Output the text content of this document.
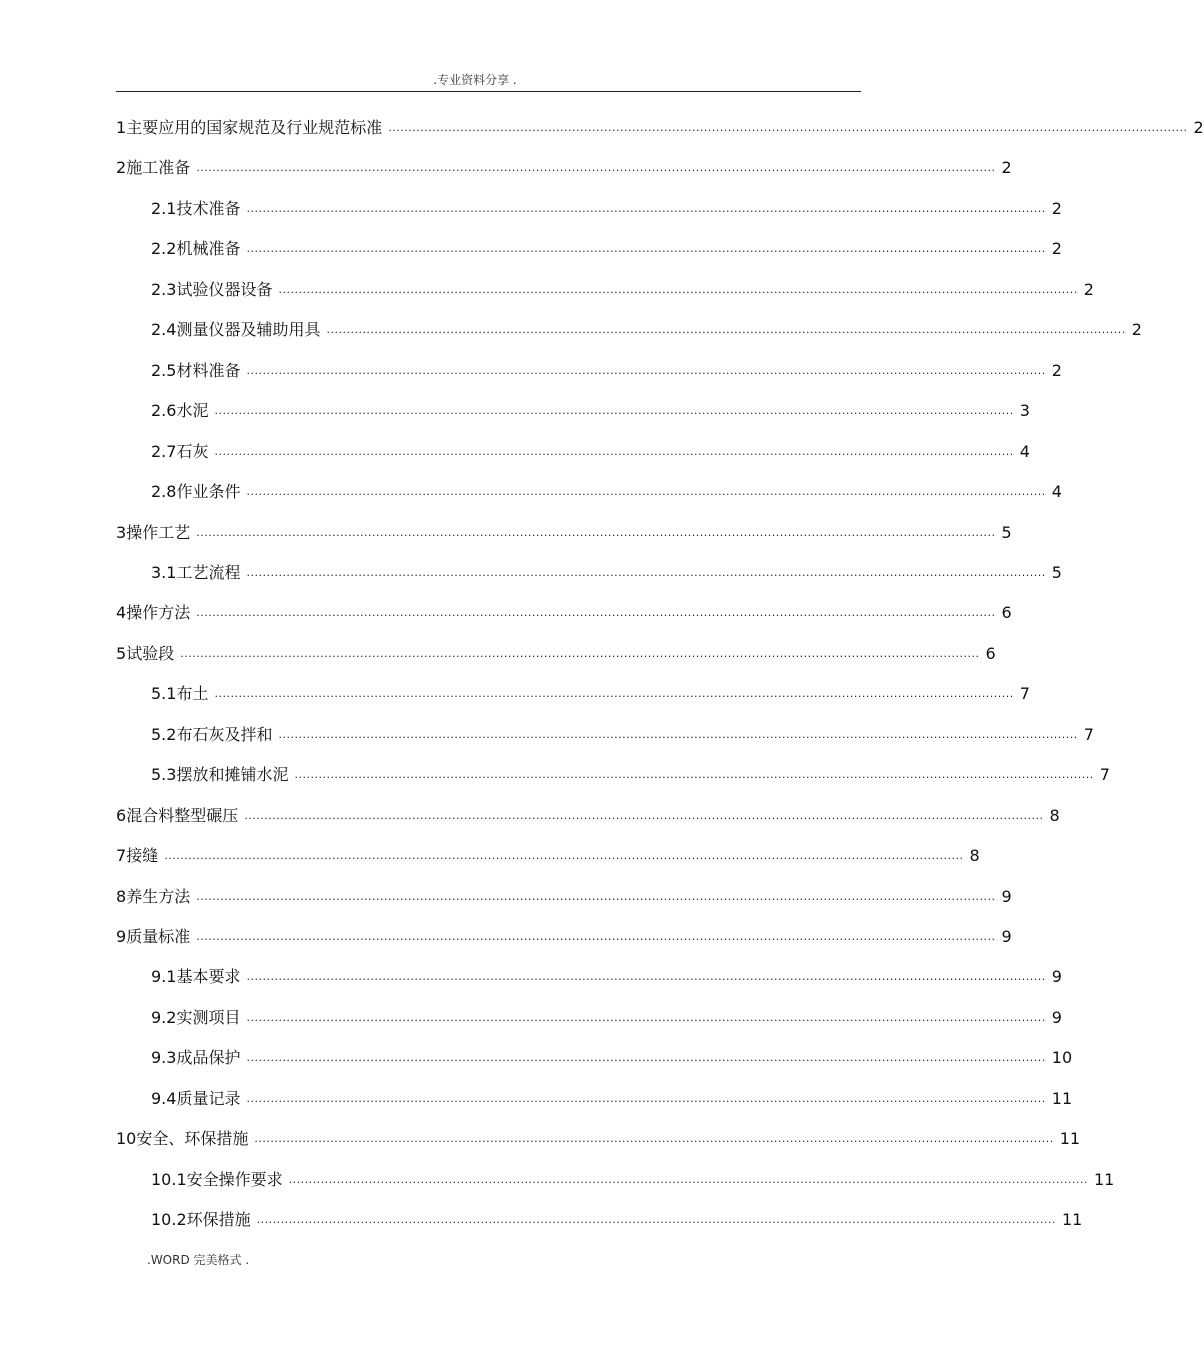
.专业资料分享 .
1 主要应用的国家规范及行业规范标准 ........................................................................................................................................................................................................ 2
2 施工准备 ........................................................................................................................................................................................................ 2
2.1 技术准备 ........................................................................................................................................................................................................ 2
2.2 机械准备 ........................................................................................................................................................................................................ 2
2.3 试验仪器设备 ........................................................................................................................................................................................................ 2
2.4 测量仪器及辅助用具 ........................................................................................................................................................................................................ 2
2.5 材料准备 ........................................................................................................................................................................................................ 2
2.6 水泥 ........................................................................................................................................................................................................ 3
2.7 石灰 ........................................................................................................................................................................................................ 4
2.8 作业条件 ........................................................................................................................................................................................................ 4
3 操作工艺 ........................................................................................................................................................................................................ 5
3.1 工艺流程 ........................................................................................................................................................................................................ 5
4 操作方法 ........................................................................................................................................................................................................ 6
5 试验段 ........................................................................................................................................................................................................ 6
5.1 布土 ........................................................................................................................................................................................................ 7
5.2 布石灰及拌和 ........................................................................................................................................................................................................ 7
5.3 摆放和摊铺水泥 ........................................................................................................................................................................................................ 7
6 混合料整型碾压 ........................................................................................................................................................................................................ 8
7 接缝 ........................................................................................................................................................................................................ 8
8 养生方法 ........................................................................................................................................................................................................ 9
9 质量标准 ........................................................................................................................................................................................................ 9
9.1 基本要求 ........................................................................................................................................................................................................ 9
9.2 实测项目 ........................................................................................................................................................................................................ 9
9.3 成品保护 ........................................................................................................................................................................................................ 10
9.4 质量记录 ........................................................................................................................................................................................................ 11
10 安全、环保措施 ........................................................................................................................................................................................................ 11
10.1 安全操作要求 ........................................................................................................................................................................................................ 11
10.2 环保措施 ........................................................................................................................................................................................................ 11
.WORD 完美格式 .
